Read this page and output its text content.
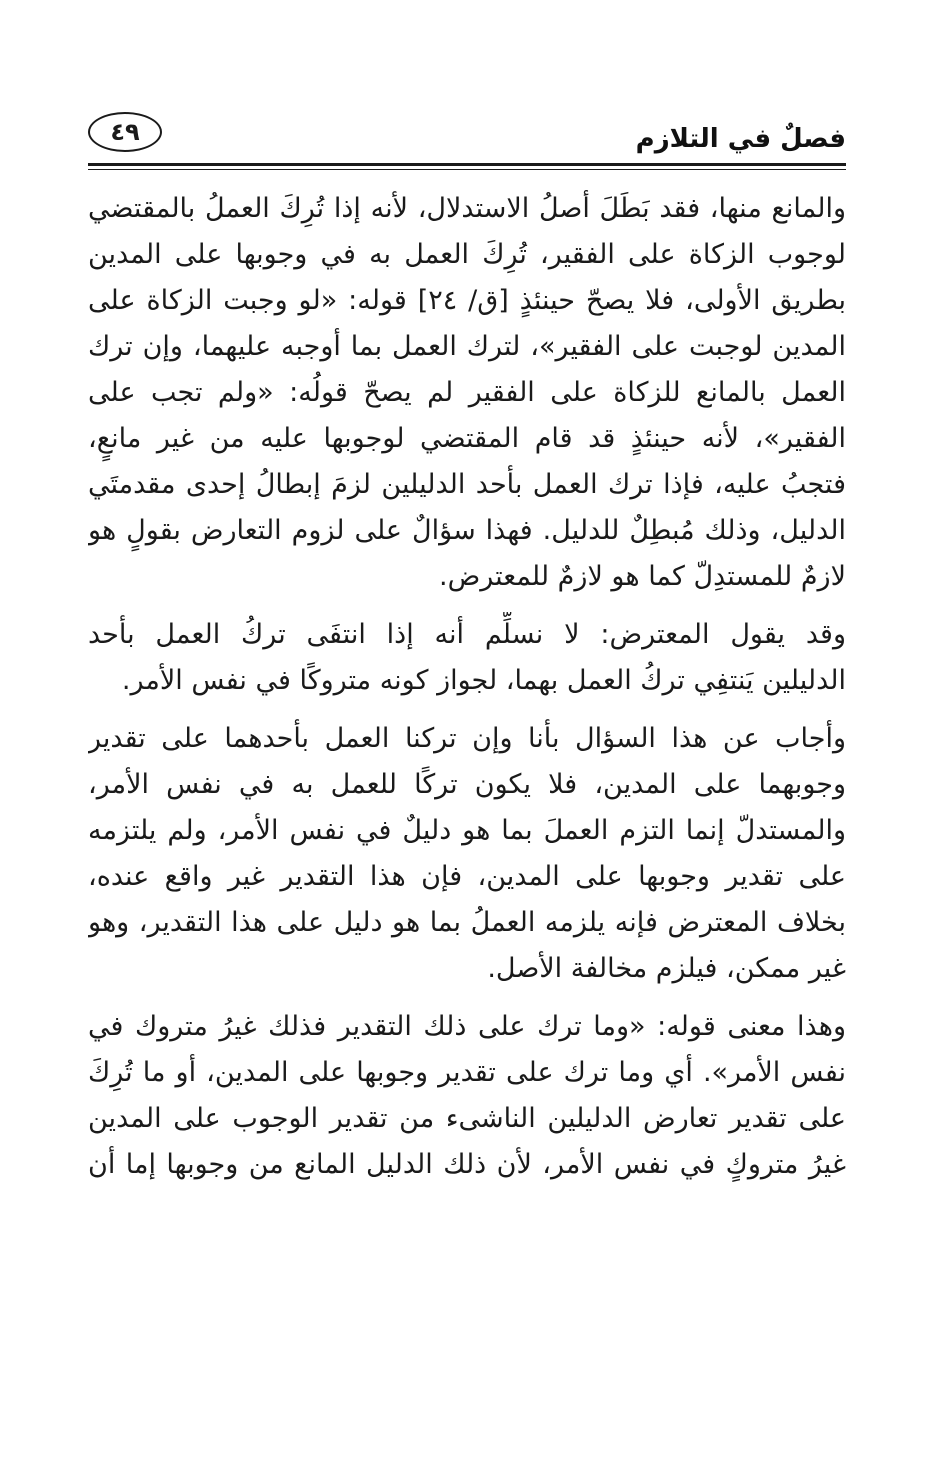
فصلٌ في التلازم
٤٩
والمانع منها، فقد بَطَلَ أصلُ الاستدلال، لأنه إذا تُرِكَ العملُ بالمقتضي
لوجوب الزكاة على الفقير، تُرِكَ العمل به في وجوبها على المدين
بطريق الأولى، فلا يصحّ حينئذٍ [ق/ ٢٤] قوله: «لو وجبت الزكاة على
المدين لوجبت على الفقير»، لترك العمل بما أوجبه عليهما، وإن ترك
العمل بالمانع للزكاة على الفقير لم يصحّ قولُه: «ولم تجب على
الفقير»، لأنه حينئذٍ قد قام المقتضي لوجوبها عليه من غير مانعٍ،
فتجبُ عليه، فإذا ترك العمل بأحد الدليلين لزمَ إبطالُ إحدى مقدمتَي
الدليل، وذلك مُبطِلٌ للدليل. فهذا سؤالٌ على لزوم التعارض بقولٍ هو
لازمٌ للمستدِلّ كما هو لازمٌ للمعترض.
وقد يقول المعترض: لا نسلِّم أنه إذا انتفَى تركُ العمل بأحد
الدليلين يَنتفِي تركُ العمل بهما، لجواز كونه متروكًا في نفس الأمر.
وأجاب عن هذا السؤال بأنا وإن تركنا العمل بأحدهما على تقدير
وجوبهما على المدين، فلا يكون تركًا للعمل به في نفس الأمر،
والمستدلّ إنما التزم العملَ بما هو دليلٌ في نفس الأمر، ولم يلتزمه
على تقدير وجوبها على المدين، فإن هذا التقدير غير واقع عنده،
بخلاف المعترض فإنه يلزمه العملُ بما هو دليل على هذا التقدير، وهو
غير ممكن، فيلزم مخالفة الأصل.
وهذا معنى قوله: «وما ترك على ذلك التقدير فذلك غيرُ متروك في
نفس الأمر». أي وما ترك على تقدير وجوبها على المدين، أو ما تُرِكَ
على تقدير تعارض الدليلين الناشىء من تقدير الوجوب على المدين
غيرُ متروكٍ في نفس الأمر، لأن ذلك الدليل المانع من وجوبها إما أن
